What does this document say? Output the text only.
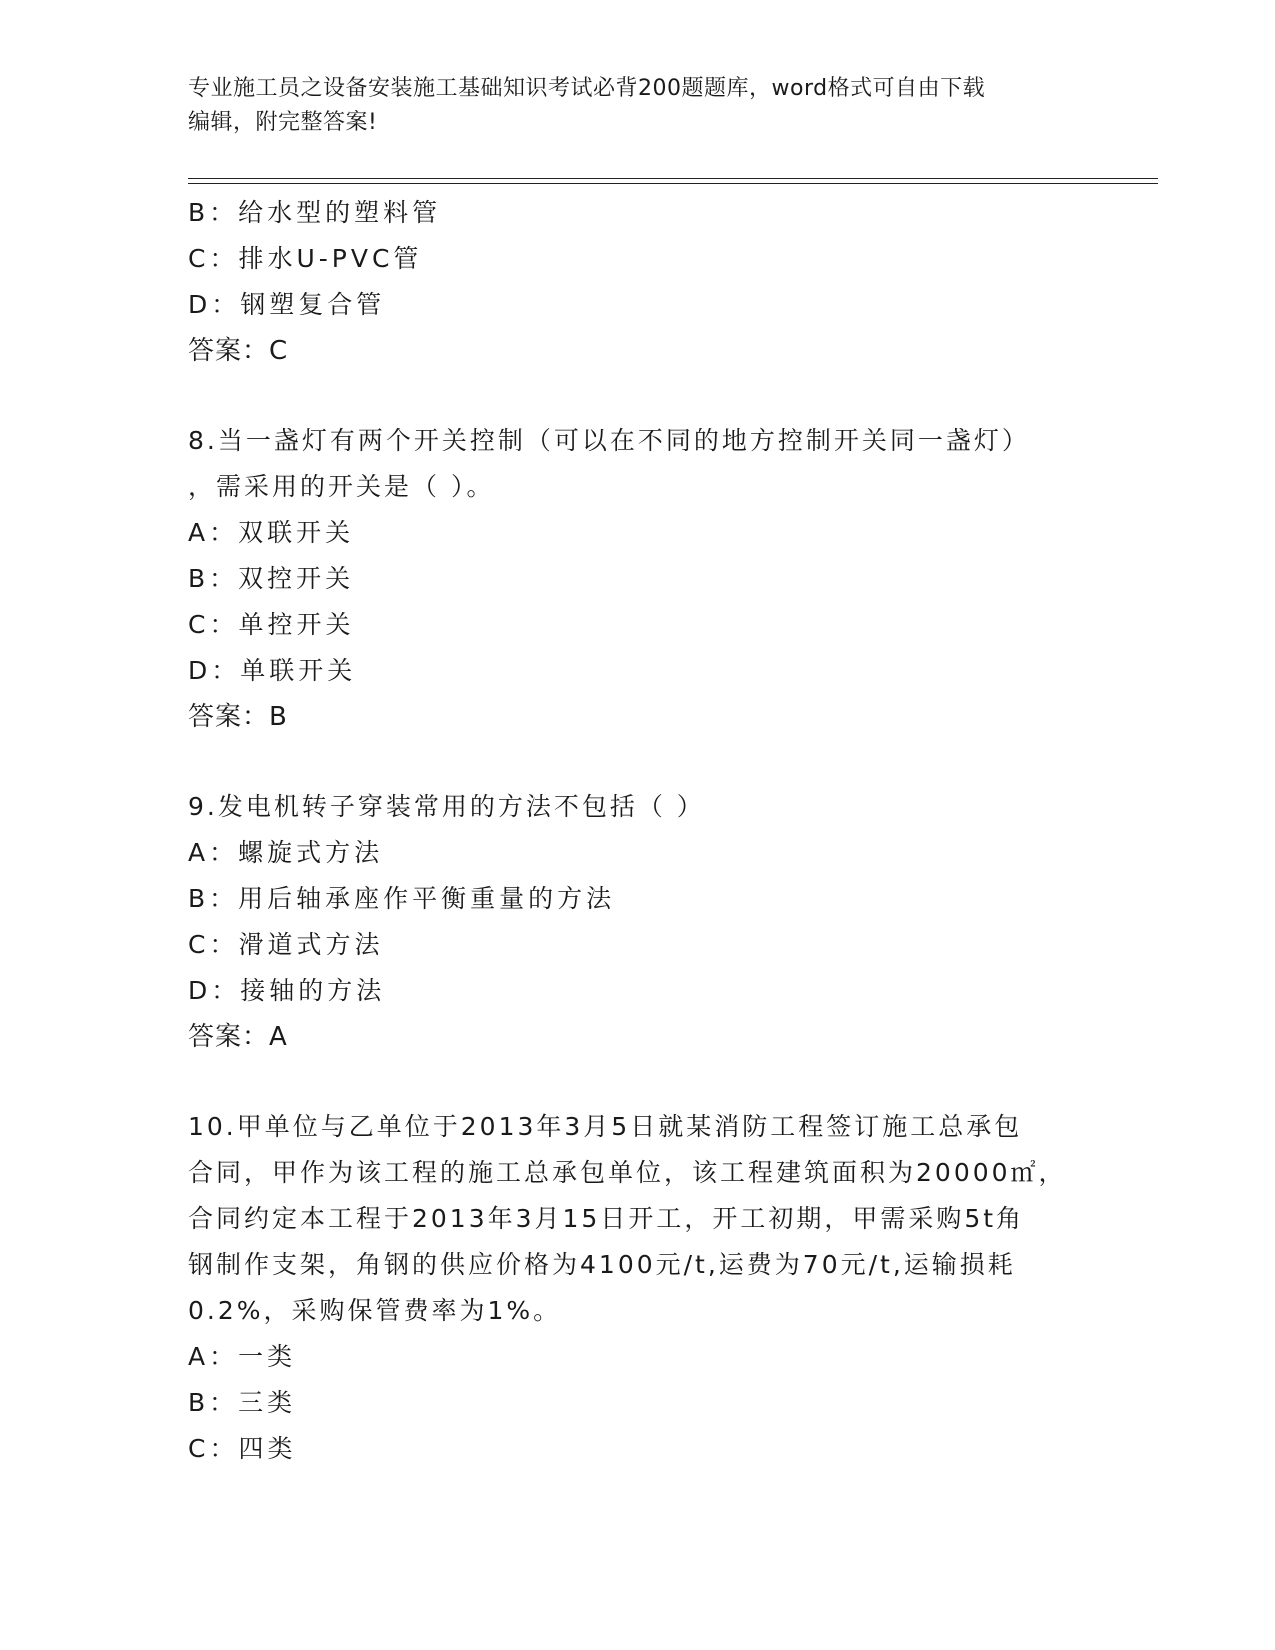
专业施工员之设备安装施工基础知识考试必背200题题库，word格式可自由下载
编辑，附完整答案!
B：给水型的塑料管
C：排水U-PVC管
D：钢塑复合管
答案：C
8.当一盏灯有两个开关控制（可以在不同的地方控制开关同一盏灯）
，需采用的开关是（ ）。
A：双联开关
B：双控开关
C：单控开关
D：单联开关
答案：B
9.发电机转子穿装常用的方法不包括（ ）
A：螺旋式方法
B：用后轴承座作平衡重量的方法
C：滑道式方法
D：接轴的方法
答案：A
10.甲单位与乙单位于2013年3月5日就某消防工程签订施工总承包
合同，甲作为该工程的施工总承包单位，该工程建筑面积为20000㎡，
合同约定本工程于2013年3月15日开工，开工初期，甲需采购5t角
钢制作支架，角钢的供应价格为4100元/t,运费为70元/t,运输损耗
0.2%，采购保管费率为1%。
A：一类
B：三类
C：四类
